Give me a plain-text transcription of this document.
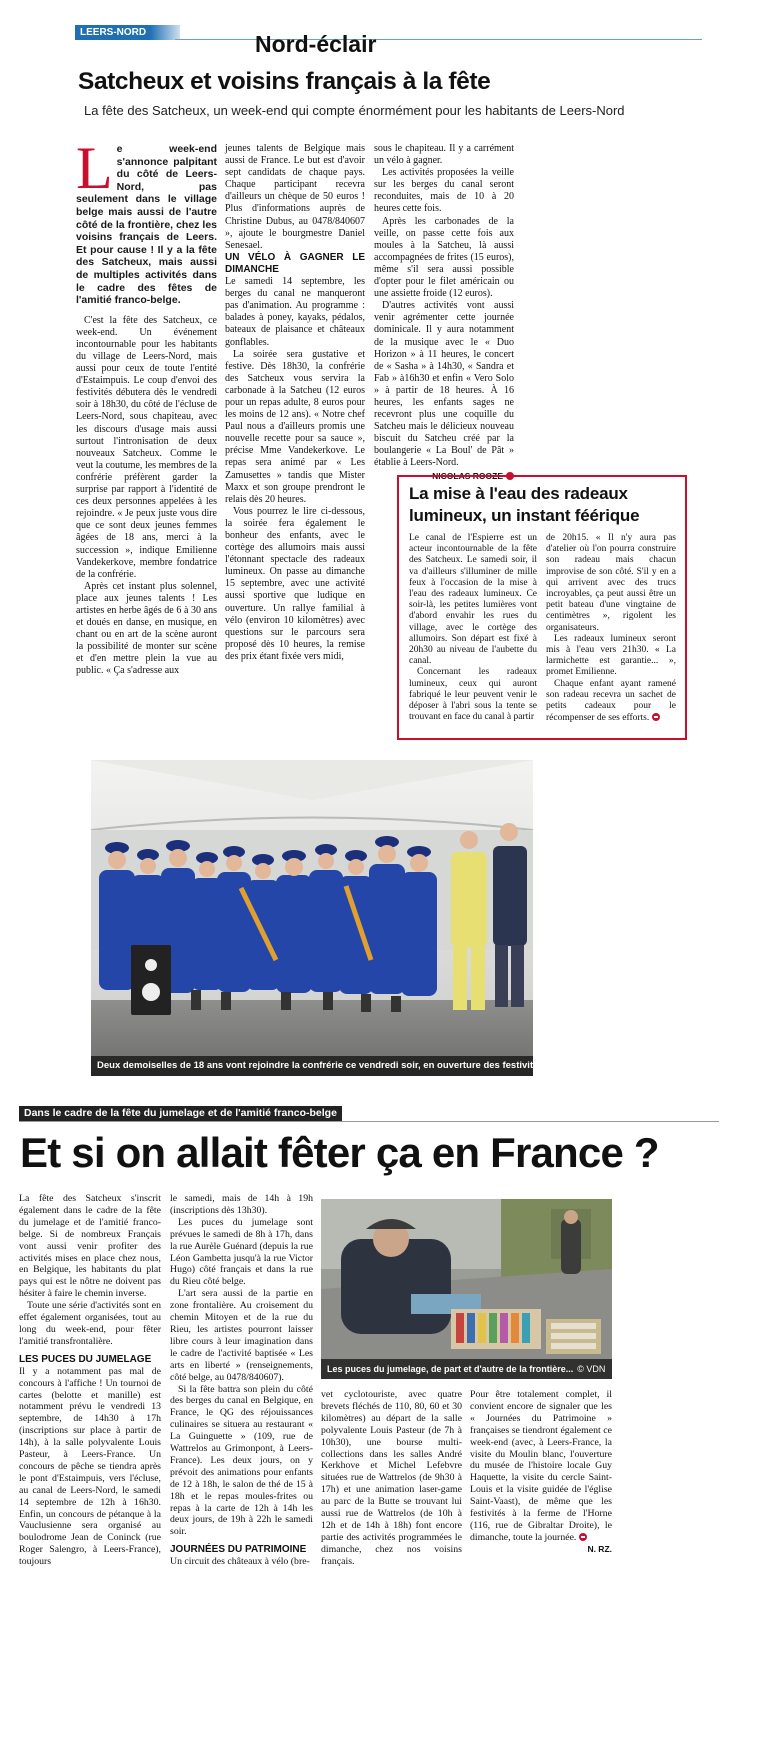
LEERS-NORD	Nord-éclair
Satcheux et voisins français à la fête
La fête des Satcheux, un week-end qui compte énormément pour les habitants de Leers-Nord
L e week-end s'annonce palpitant du côté de Leers-Nord, pas seulement dans le village belge mais aussi de l'autre côté de la frontière, chez les voisins français de Leers. Et pour cause ! Il y a la fête des Satcheux, mais aussi de multiples activités dans le cadre des fêtes de l'amitié franco-belge.

C'est la fête des Satcheux, ce week-end. Un événement incontournable pour les habitants du village de Leers-Nord, mais aussi pour ceux de toute l'entité d'Estaimpuis. Le coup d'envoi des festivités débutera dès le vendredi soir à 18h30, du côté de l'écluse de Leers-Nord, sous chapiteau, avec les discours d'usage mais aussi surtout l'intronisation de deux nouveaux Satcheux. Comme le veut la coutume, les membres de la confrérie préfèrent garder la surprise par rapport à l'identité de ces deux personnes appelées à les rejoindre. « Je peux juste vous dire que ce sont deux jeunes femmes âgées de 18 ans, merci à la succession », indique Emilienne Vandekerkove, membre fondatrice de la confrérie.

Après cet instant plus solennel, place aux jeunes talents ! Les artistes en herbe âgés de 6 à 30 ans et doués en danse, en musique, en chant ou en art de la scène auront la possibilité de monter sur scène et d'en mettre plein la vue au public. « Ça s'adresse aux

jeunes talents de Belgique mais aussi de France. Le but est d'avoir sept candidats de chaque pays. Chaque participant recevra d'ailleurs un chèque de 50 euros ! Plus d'informations auprès de Christine Dubus, au 0478/840607 », ajoute le bourgmestre Daniel Senesael.

UN VÉLO À GAGNER LE DIMANCHE

Le samedi 14 septembre, les berges du canal ne manqueront pas d'animation. Au programme : balades à poney, kayaks, pédalos, bateaux de plaisance et châteaux gonflables.

La soirée sera gustative et festive. Dès 18h30, la confrérie des Satcheux vous servira la carbonade à la Satcheu (12 euros pour un repas adulte, 8 euros pour les moins de 12 ans). « Notre chef Paul nous a d'ailleurs promis une nouvelle recette pour sa sauce », précise Mme Vandekerkove. Le repas sera animé par « Les Zamusettes » tandis que Mister Maxx et son groupe prendront le relais dès 20 heures.

Vous pourrez le lire ci-dessous, la soirée fera également le bonheur des enfants, avec le cortège des allumoirs mais aussi l'étonnant spectacle des radeaux lumineux. On passe au dimanche 15 septembre, avec une activité aussi sportive que ludique en ouverture. Un rallye familial à vélo (environ 10 kilomètres) avec questions sur le parcours sera proposé dès 10 heures, la remise des prix étant fixée vers midi,

sous le chapiteau. Il y a carrément un vélo à gagner.

Les activités proposées la veille sur les berges du canal seront reconduites, mais de 10 à 20 heures cette fois.

Après les carbonades de la veille, on passe cette fois aux moules à la Satcheu, là aussi accompagnées de frites (15 euros), même s'il sera aussi possible d'opter pour le filet américain ou une assiette froide (12 euros).

D'autres activités vont aussi venir agrémenter cette journée dominicale. Il y aura notamment de la musique avec le « Duo Horizon » à 11 heures, le concert de « Sasha » à 14h30, « Sandra et Fab » à16h30 et enfin « Vero Solo » à partir de 18 heures. À 16 heures, les enfants sages ne recevront plus une coquille du Satcheu mais le délicieux nouveau biscuit du Satcheu créé par la boulangerie « La Boul' de Pât » établie à Leers-Nord.

NICOLAS ROOZE

La mise à l'eau des radeaux lumineux, un instant féérique

Le canal de l'Espierre est un acteur incontournable de la fête des Satcheux. Le samedi soir, il va d'ailleurs s'illuminer de mille feux à l'occasion de la mise à l'eau des radeaux lumineux. Ce soir-là, les petites lumières vont d'abord envahir les rues du village, avec le cortège des allumoirs. Son départ est fixé à 20h30 au niveau de l'aubette du canal.

Concernant les radeaux lumineux, ceux qui auront fabriqué le leur peuvent venir le déposer à l'abri sous la tente se trouvant en face du canal à partir

de 20h15. « Il n'y aura pas d'atelier où l'on pourra construire son radeau mais chacun improvise de son côté. S'il y en a qui arrivent avec des trucs incroyables, ça peut aussi être un petit bateau d'une vingtaine de centimètres », rigolent les organisateurs.

Les radeaux lumineux seront mis à l'eau vers 21h30. « La larmichette est garantie... », promet Emilienne.

Chaque enfant ayant ramené son radeau recevra un sachet de petits cadeaux pour le récompenser de ses efforts.

Deux demoiselles de 18 ans vont rejoindre la confrérie ce vendredi soir, en ouverture des festivités. © E. V.
Dans le cadre de la fête du jumelage et de l'amitié franco-belge
Et si on allait fêter ça en France ?

La fête des Satcheux s'inscrit également dans le cadre de la fête du jumelage et de l'amitié franco-belge. Si de nombreux Français vont aussi venir profiter des activités mises en place chez nous, en Belgique, les habitants du plat pays qui est le nôtre ne doivent pas hésiter à faire le chemin inverse.

Toute une série d'activités sont en effet également organisées, tout au long du week-end, pour fêter l'amitié transfrontalière.

LES PUCES DU JUMELAGE

Il y a notamment pas mal de concours à l'affiche ! Un tournoi de cartes (belotte et manille) est notamment prévu le vendredi 13 septembre, de 14h30 à 17h (inscriptions sur place à partir de 14h), à la salle polyvalente Louis Pasteur, à Leers-France. Un concours de pêche se tiendra après le pont d'Estaimpuis, vers l'écluse, au canal de Leers-Nord, le samedi 14 septembre de 12h à 16h30. Enfin, un concours de pétanque à la Vauclusienne sera organisé au boulodrome Jean de Coninck (rue Roger Salengro, à Leers-France), toujours

le samedi, mais de 14h à 19h (inscriptions dès 13h30).

Les puces du jumelage sont prévues le samedi de 8h à 17h, dans la rue Aurèle Guénard (depuis la rue Léon Gambetta jusqu'à la rue Victor Hugo) côté français et dans la rue du Rieu côté belge.

L'art sera aussi de la partie en zone frontalière. Au croisement du chemin Mitoyen et de la rue du Rieu, les artistes pourront laisser libre cours à leur imagination dans le cadre de l'activité baptisée « Les arts en liberté » (renseignements, côté belge, au 0478/840607).

Si la fête battra son plein du côté des berges du canal en Belgique, en France, le QG des réjouissances culinaires se situera au restaurant « La Guinguette » (109, rue de Wattrelos au Grimonpont, à Leers-France). Les deux jours, on y prévoit des animations pour enfants de 12 à 18h, le salon de thé de 15 à 18h et le repas moules-frites ou repas à la carte de 12h à 14h les deux jours, de 19h à 22h le samedi soir.

JOURNÉES DU PATRIMOINE

Un circuit des châteaux à vélo (bre-

Les puces du jumelage, de part et d'autre de la frontière... © VDN

vet cyclotouriste, avec quatre brevets fléchés de 110, 80, 60 et 30 kilomètres) au départ de la salle polyvalente Louis Pasteur (de 7h à 10h30), une bourse multi-collections dans les salles André Kerkhove et Michel Lefebvre situées rue de Wattrelos (de 9h30 à 17h) et une animation laser-game au parc de la Butte se trouvant lui aussi rue de Wattrelos (de 10h à 12h et de 14h à 18h) font encore partie des activités programmées le dimanche, chez nos voisins français.

Pour être totalement complet, il convient encore de signaler que les « Journées du Patrimoine » françaises se tiendront également ce week-end (avec, à Leers-France, la visite du Moulin blanc, l'ouverture du musée de l'histoire locale Guy Haquette, la visite du cercle Saint-Louis et la visite guidée de l'église Saint-Vaast), de même que les festivités à la ferme de l'Horne (116, rue de Gibraltar Droite), le dimanche, toute la journée.

N. RZ.
